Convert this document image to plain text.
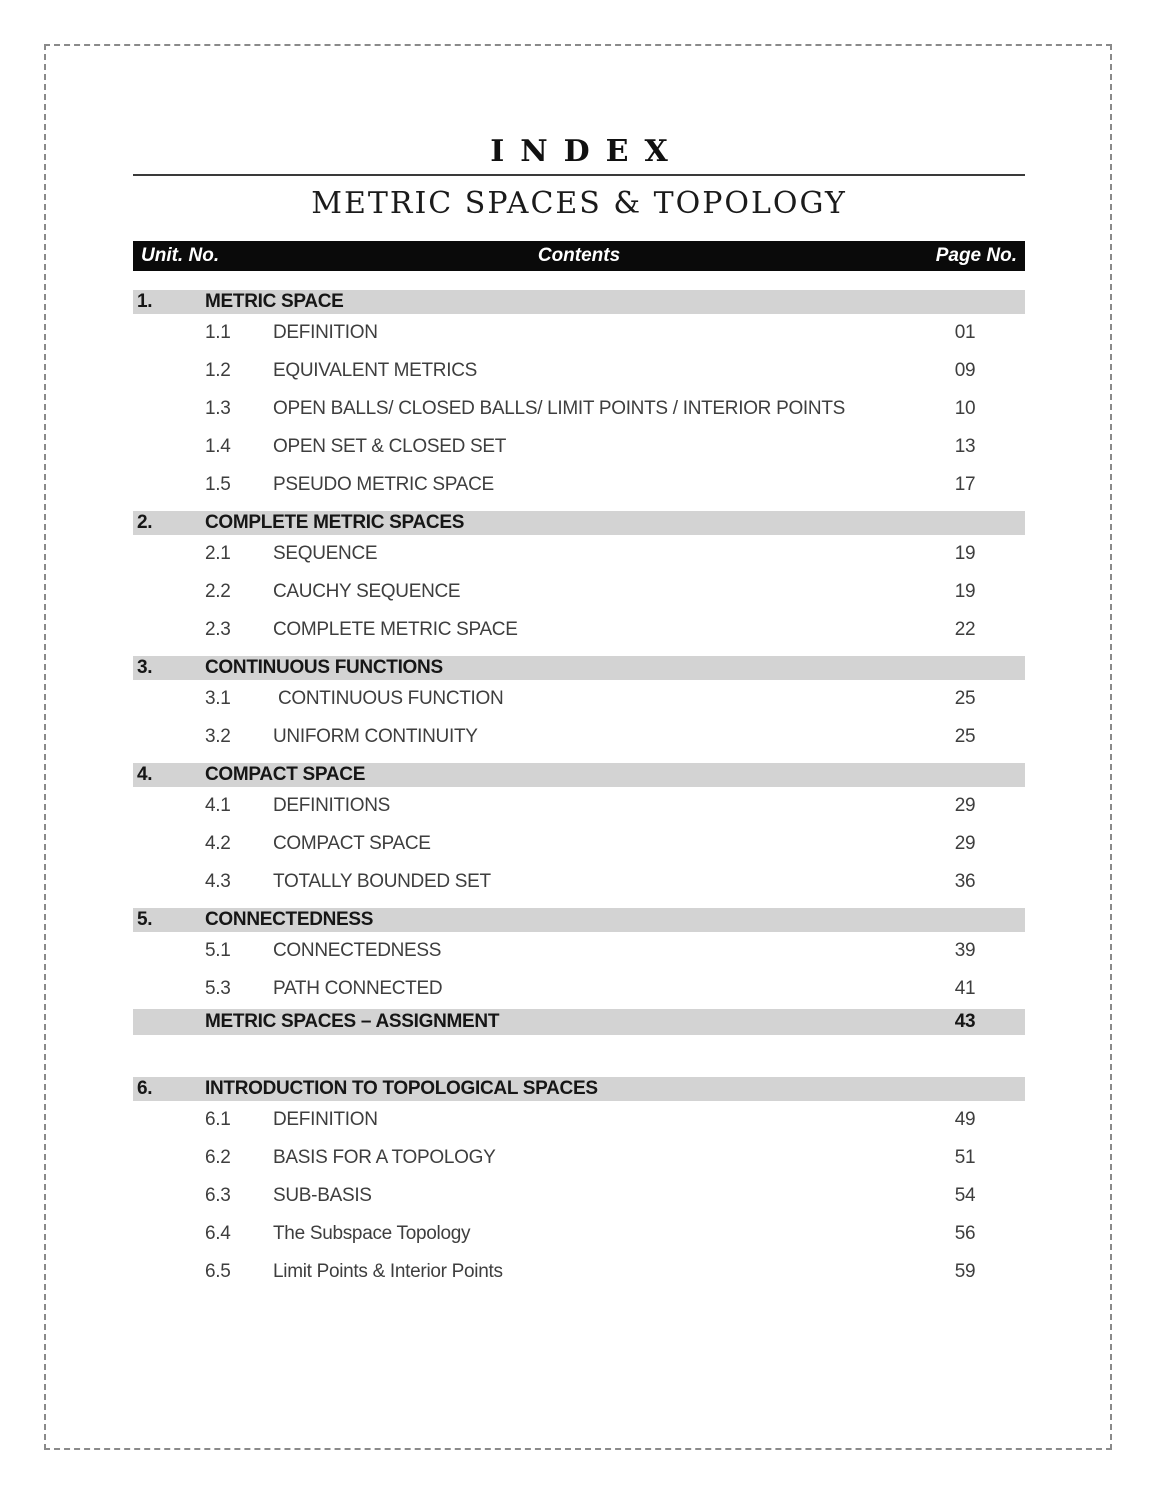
INDEX
METRIC SPACES & TOPOLOGY
Unit. No.	Contents	Page No.
1.	METRIC SPACE
1.1	DEFINITION	01
1.2	EQUIVALENT METRICS	09
1.3	OPEN BALLS/ CLOSED BALLS/ LIMIT POINTS / INTERIOR POINTS	10
1.4	OPEN SET & CLOSED SET	13
1.5	PSEUDO METRIC SPACE	17
2.	COMPLETE METRIC SPACES
2.1	SEQUENCE	19
2.2	CAUCHY SEQUENCE	19
2.3	COMPLETE METRIC SPACE	22
3.	CONTINUOUS FUNCTIONS
3.1	CONTINUOUS FUNCTION	25
3.2	UNIFORM CONTINUITY	25
4.	COMPACT SPACE
4.1	DEFINITIONS	29
4.2	COMPACT SPACE	29
4.3	TOTALLY BOUNDED SET	36
5.	CONNECTEDNESS
5.1	CONNECTEDNESS	39
5.3	PATH CONNECTED	41
METRIC SPACES – ASSIGNMENT	43
6.	INTRODUCTION TO TOPOLOGICAL SPACES
6.1	DEFINITION	49
6.2	BASIS FOR A TOPOLOGY	51
6.3	SUB-BASIS	54
6.4	The Subspace Topology	56
6.5	Limit Points & Interior Points	59
